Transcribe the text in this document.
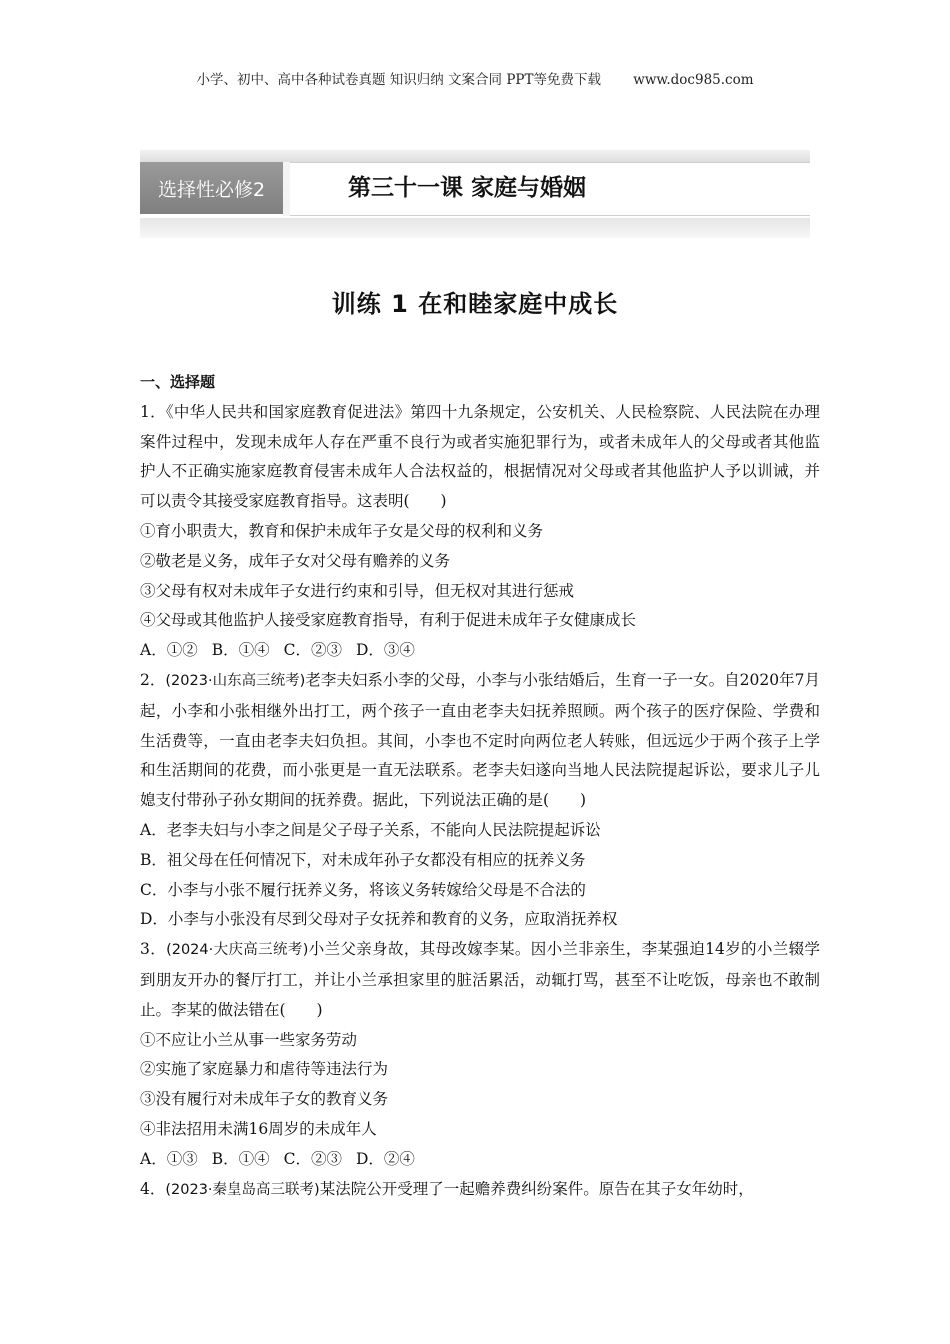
小学、初中、高中各种试卷真题 知识归纳 文案合同 PPT等免费下载 www.doc985.com
选择性必修2	第三十一课 家庭与婚姻
训练 1 在和睦家庭中成长

一、选择题

1．《中华人民共和国家庭教育促进法》第四十九条规定，公安机关、人民检察院、人民法院在办理案件过程中，发现未成年人存在严重不良行为或者实施犯罪行为，或者未成年人的父母或者其他监护人不正确实施家庭教育侵害未成年人合法权益的，根据情况对父母或者其他监护人予以训诫，并可以责令其接受家庭教育指导。这表明(　　)

①育小职责大，教育和保护未成年子女是父母的权利和义务

②敬老是义务，成年子女对父母有赡养的义务

③父母有权对未成年子女进行约束和引导，但无权对其进行惩戒

④父母或其他监护人接受家庭教育指导，有利于促进未成年子女健康成长

A．①② B．①④ C．②③ D．③④

2．(2023·山东高三统考)老李夫妇系小李的父母，小李与小张结婚后，生育一子一女。自2020年7月起，小李和小张相继外出打工，两个孩子一直由老李夫妇抚养照顾。两个孩子的医疗保险、学费和生活费等，一直由老李夫妇负担。其间，小李也不定时向两位老人转账，但远远少于两个孩子上学和生活期间的花费，而小张更是一直无法联系。老李夫妇遂向当地人民法院提起诉讼，要求儿子儿媳支付带孙子孙女期间的抚养费。据此，下列说法正确的是(　　)

A．老李夫妇与小李之间是父子母子关系，不能向人民法院提起诉讼

B．祖父母在任何情况下，对未成年孙子女都没有相应的抚养义务

C．小李与小张不履行抚养义务，将该义务转嫁给父母是不合法的

D．小李与小张没有尽到父母对子女抚养和教育的义务，应取消抚养权

3．(2024·大庆高三统考)小兰父亲身故，其母改嫁李某。因小兰非亲生，李某强迫14岁的小兰辍学到朋友开办的餐厅打工，并让小兰承担家里的脏活累活，动辄打骂，甚至不让吃饭，母亲也不敢制止。李某的做法错在(　　)

①不应让小兰从事一些家务劳动

②实施了家庭暴力和虐待等违法行为

③没有履行对未成年子女的教育义务

④非法招用未满16周岁的未成年人

A．①③ B．①④ C．②③ D．②④

4．(2023·秦皇岛高三联考)某法院公开受理了一起赡养费纠纷案件。原告在其子女年幼时，
